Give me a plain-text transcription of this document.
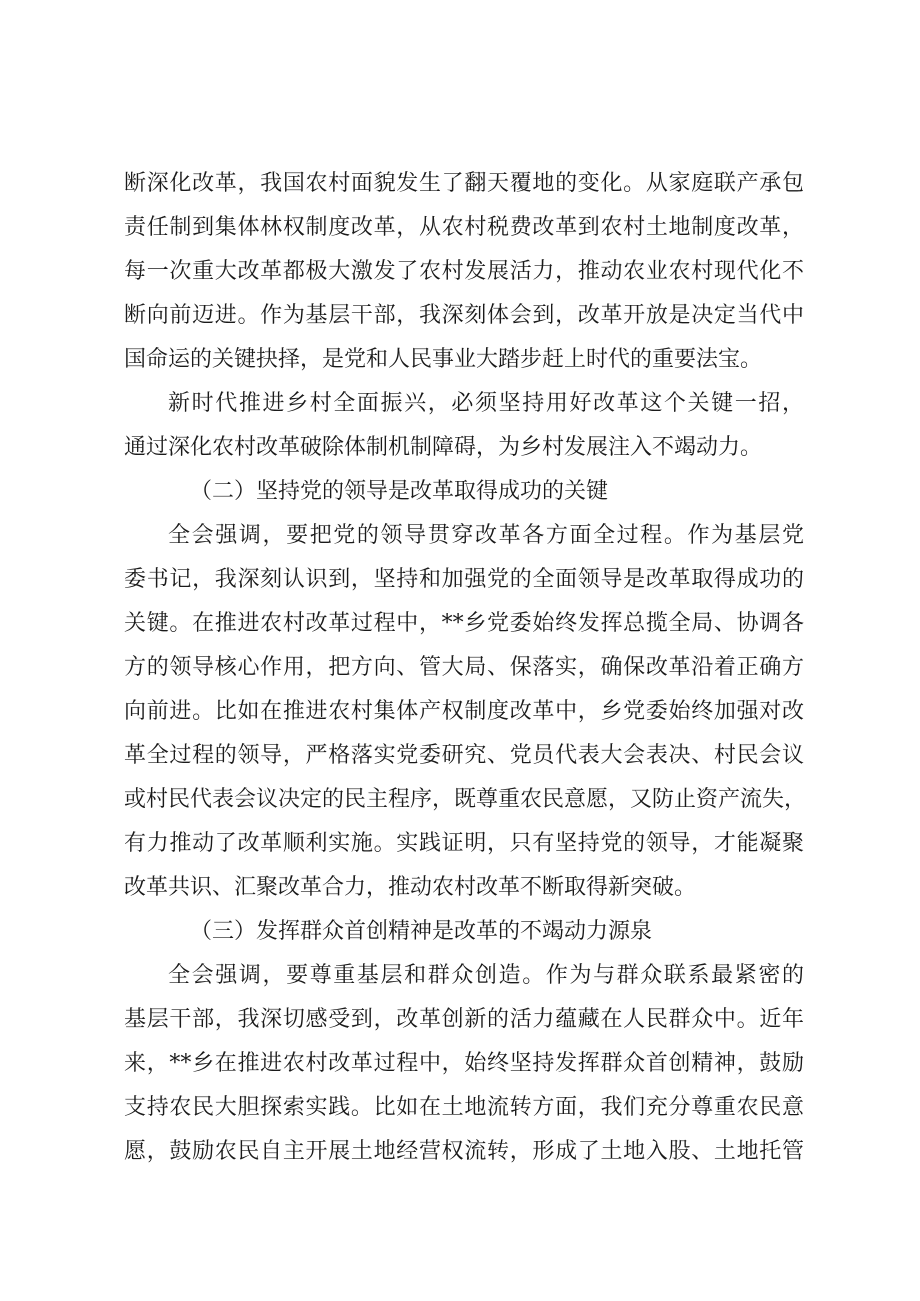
断深化改革，我国农村面貌发生了翻天覆地的变化。从家庭联产承包
责任制到集体林权制度改革，从农村税费改革到农村土地制度改革，
每一次重大改革都极大激发了农村发展活力，推动农业农村现代化不
断向前迈进。作为基层干部，我深刻体会到，改革开放是决定当代中
国命运的关键抉择，是党和人民事业大踏步赶上时代的重要法宝。
新时代推进乡村全面振兴，必须坚持用好改革这个关键一招，
通过深化农村改革破除体制机制障碍，为乡村发展注入不竭动力。
（二）坚持党的领导是改革取得成功的关键
全会强调，要把党的领导贯穿改革各方面全过程。作为基层党
委书记，我深刻认识到，坚持和加强党的全面领导是改革取得成功的
关键。在推进农村改革过程中，**乡党委始终发挥总揽全局、协调各
方的领导核心作用，把方向、管大局、保落实，确保改革沿着正确方
向前进。比如在推进农村集体产权制度改革中，乡党委始终加强对改
革全过程的领导，严格落实党委研究、党员代表大会表决、村民会议
或村民代表会议决定的民主程序，既尊重农民意愿，又防止资产流失，
有力推动了改革顺利实施。实践证明，只有坚持党的领导，才能凝聚
改革共识、汇聚改革合力，推动农村改革不断取得新突破。
（三）发挥群众首创精神是改革的不竭动力源泉
全会强调，要尊重基层和群众创造。作为与群众联系最紧密的
基层干部，我深切感受到，改革创新的活力蕴藏在人民群众中。近年
来，**乡在推进农村改革过程中，始终坚持发挥群众首创精神，鼓励
支持农民大胆探索实践。比如在土地流转方面，我们充分尊重农民意
愿，鼓励农民自主开展土地经营权流转，形成了土地入股、土地托管
